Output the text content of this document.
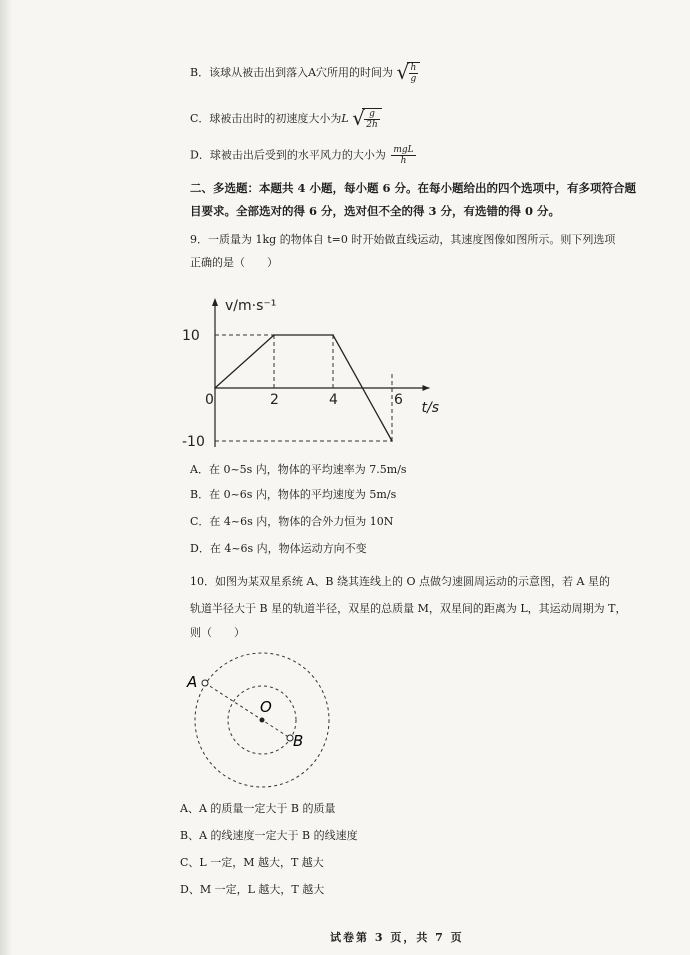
B．该球从被击出到落入A穴所用的时间为 √ $\frac{h}{g}$
C．球被击出时的初速度大小为L √ $\frac{g}{2h}$
D．球被击出后受到的水平风力的大小为 $\frac{\text{mgL}}{h}$
二、多选题：本题共 4 小题，每小题 6 分。在每小题给出的四个选项中，有多项符合题
目要求。全部选对的得 6 分，选对但不全的得 3 分，有选错的得 0 分。
9．一质量为 1kg 的物体自 t=0 时开始做直线运动，其速度图像如图所示。则下列选项
正确的是（　　）
0	2	4	6
10
-10
t/s
v/m·s⁻¹
A．在 0~5s 内，物体的平均速率为 7.5m/s
B．在 0~6s 内，物体的平均速度为 5m/s
C．在 4~6s 内，物体的合外力恒为 10N
D．在 4~6s 内，物体运动方向不变
10．如图为某双星系统 A、B 绕其连线上的 O 点做匀速圆周运动的示意图，若 A 星的
轨道半径大于 B 星的轨道半径，双星的总质量 M，双星间的距离为 L，其运动周期为 T，
则（　　）
A
O
B
A、A 的质量一定大于 B 的质量
B、A 的线速度一定大于 B 的线速度
C、L 一定，M 越大，T 越大
D、M 一定，L 越大，T 越大
试卷第 3 页，共 7 页
